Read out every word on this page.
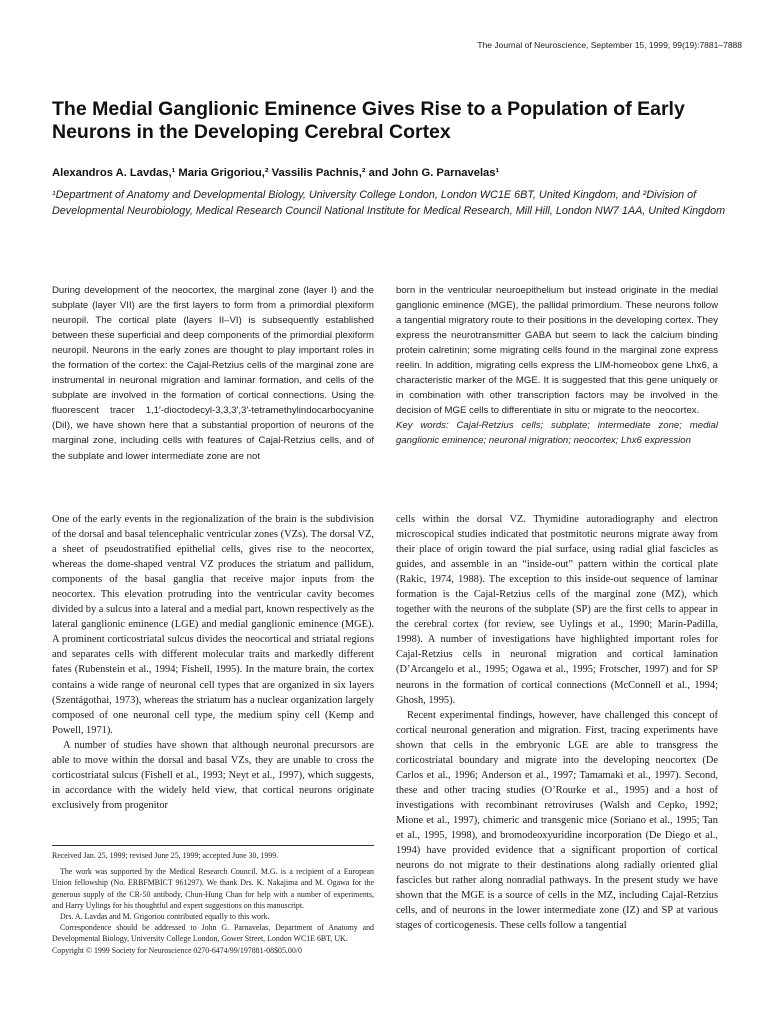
The Journal of Neuroscience, September 15, 1999, 99(19):7881–7888
The Medial Ganglionic Eminence Gives Rise to a Population of Early Neurons in the Developing Cerebral Cortex
Alexandros A. Lavdas,¹ Maria Grigoriou,² Vassilis Pachnis,² and John G. Parnavelas¹
¹Department of Anatomy and Developmental Biology, University College London, London WC1E 6BT, United Kingdom, and ²Division of Developmental Neurobiology, Medical Research Council National Institute for Medical Research, Mill Hill, London NW7 1AA, United Kingdom

During development of the neocortex, the marginal zone (layer I) and the subplate (layer VII) are the first layers to form from a primordial plexiform neuropil. The cortical plate (layers II–VI) is subsequently established between these superficial and deep components of the primordial plexiform neuropil. Neurons in the early zones are thought to play important roles in the formation of the cortex: the Cajal-Retzius cells of the marginal zone are instrumental in neuronal migration and laminar formation, and cells of the subplate are involved in the formation of cortical connections. Using the fluorescent tracer 1,1′-dioctodecyl-3,3,3′,3′-tetramethylindocarbocyanine (DiI), we have shown here that a substantial proportion of neurons of the marginal zone, including cells with features of Cajal-Retzius cells, and of the subplate and lower intermediate zone are not

born in the ventricular neuroepithelium but instead originate in the medial ganglionic eminence (MGE), the pallidal primordium. These neurons follow a tangential migratory route to their positions in the developing cortex. They express the neurotransmitter GABA but seem to lack the calcium binding protein calretinin; some migrating cells found in the marginal zone express reelin. In addition, migrating cells express the LIM-homeobox gene Lhx6, a characteristic marker of the MGE. It is suggested that this gene uniquely or in combination with other transcription factors may be involved in the decision of MGE cells to differentiate in situ or migrate to the neocortex.

Key words: Cajal-Retzius cells; subplate; intermediate zone; medial ganglionic eminence; neuronal migration; neocortex; Lhx6 expression

One of the early events in the regionalization of the brain is the subdivision of the dorsal and basal telencephalic ventricular zones (VZs). The dorsal VZ, a sheet of pseudostratified epithelial cells, gives rise to the neocortex, whereas the dome-shaped ventral VZ produces the striatum and pallidum, components of the basal ganglia that receive major inputs from the neocortex. This elevation protruding into the ventricular cavity becomes divided by a sulcus into a lateral and a medial part, known respectively as the lateral ganglionic eminence (LGE) and medial ganglionic eminence (MGE). A prominent corticostriatal sulcus divides the neocortical and striatal regions and separates cells with different molecular traits and markedly different fates (Rubenstein et al., 1994; Fishell, 1995). In the mature brain, the cortex contains a wide range of neuronal cell types that are organized in six layers (Szentágothai, 1973), whereas the striatum has a nuclear organization largely composed of one neuronal cell type, the medium spiny cell (Kemp and Powell, 1971).

A number of studies have shown that although neuronal precursors are able to move within the dorsal and basal VZs, they are unable to cross the corticostriatal sulcus (Fishell et al., 1993; Neyt et al., 1997), which suggests, in accordance with the widely held view, that cortical neurons originate exclusively from progenitor

cells within the dorsal VZ. Thymidine autoradiography and electron microscopical studies indicated that postmitotic neurons migrate away from their place of origin toward the pial surface, using radial glial fascicles as guides, and assemble in an “inside-out” pattern within the cortical plate (Rakic, 1974, 1988). The exception to this inside-out sequence of laminar formation is the Cajal-Retzius cells of the marginal zone (MZ), which together with the neurons of the subplate (SP) are the first cells to appear in the cerebral cortex (for review, see Uylings et al., 1990; Marín-Padilla, 1998). A number of investigations have highlighted important roles for Cajal-Retzius cells in neuronal migration and cortical lamination (D’Arcangelo et al., 1995; Ogawa et al., 1995; Frotscher, 1997) and for SP neurons in the formation of cortical connections (McConnell et al., 1994; Ghosh, 1995).

Recent experimental findings, however, have challenged this concept of cortical neuronal generation and migration. First, tracing experiments have shown that cells in the embryonic LGE are able to transgress the corticostriatal boundary and migrate into the developing neocortex (De Carlos et al., 1996; Anderson et al., 1997; Tamamaki et al., 1997). Second, these and other tracing studies (O’Rourke et al., 1995) and a host of investigations with recombinant retroviruses (Walsh and Cepko, 1992; Mione et al., 1997), chimeric and transgenic mice (Soriano et al., 1995; Tan et al., 1995, 1998), and bromodeoxyuridine incorporation (De Diego et al., 1994) have provided evidence that a significant proportion of cortical neurons do not migrate to their destinations along radially oriented glial fascicles but rather along nonradial pathways. In the present study we have shown that the MGE is a source of cells in the MZ, including Cajal-Retzius cells, and of neurons in the lower intermediate zone (IZ) and SP at various stages of corticogenesis. These cells follow a tangential

Received Jan. 25, 1999; revised June 25, 1999; accepted June 30, 1999.

The work was supported by the Medical Research Council. M.G. is a recipient of a European Union fellowship (No. ERBFMBICT 961297). We thank Drs. K. Nakajima and M. Ogawa for the generous supply of the CR-50 antibody, Chun-Hung Chan for help with a number of experiments, and Harry Uylings for his thoughtful and expert suggestions on this manuscript.

Drs. A. Lavdas and M. Grigoriou contributed equally to this work.

Correspondence should be addressed to John G. Parnavelas, Department of Anatomy and Developmental Biology, University College London, Gower Street, London WC1E 6BT, UK.

Copyright © 1999 Society for Neuroscience 0270-6474/99/197881-08$05.00/0
